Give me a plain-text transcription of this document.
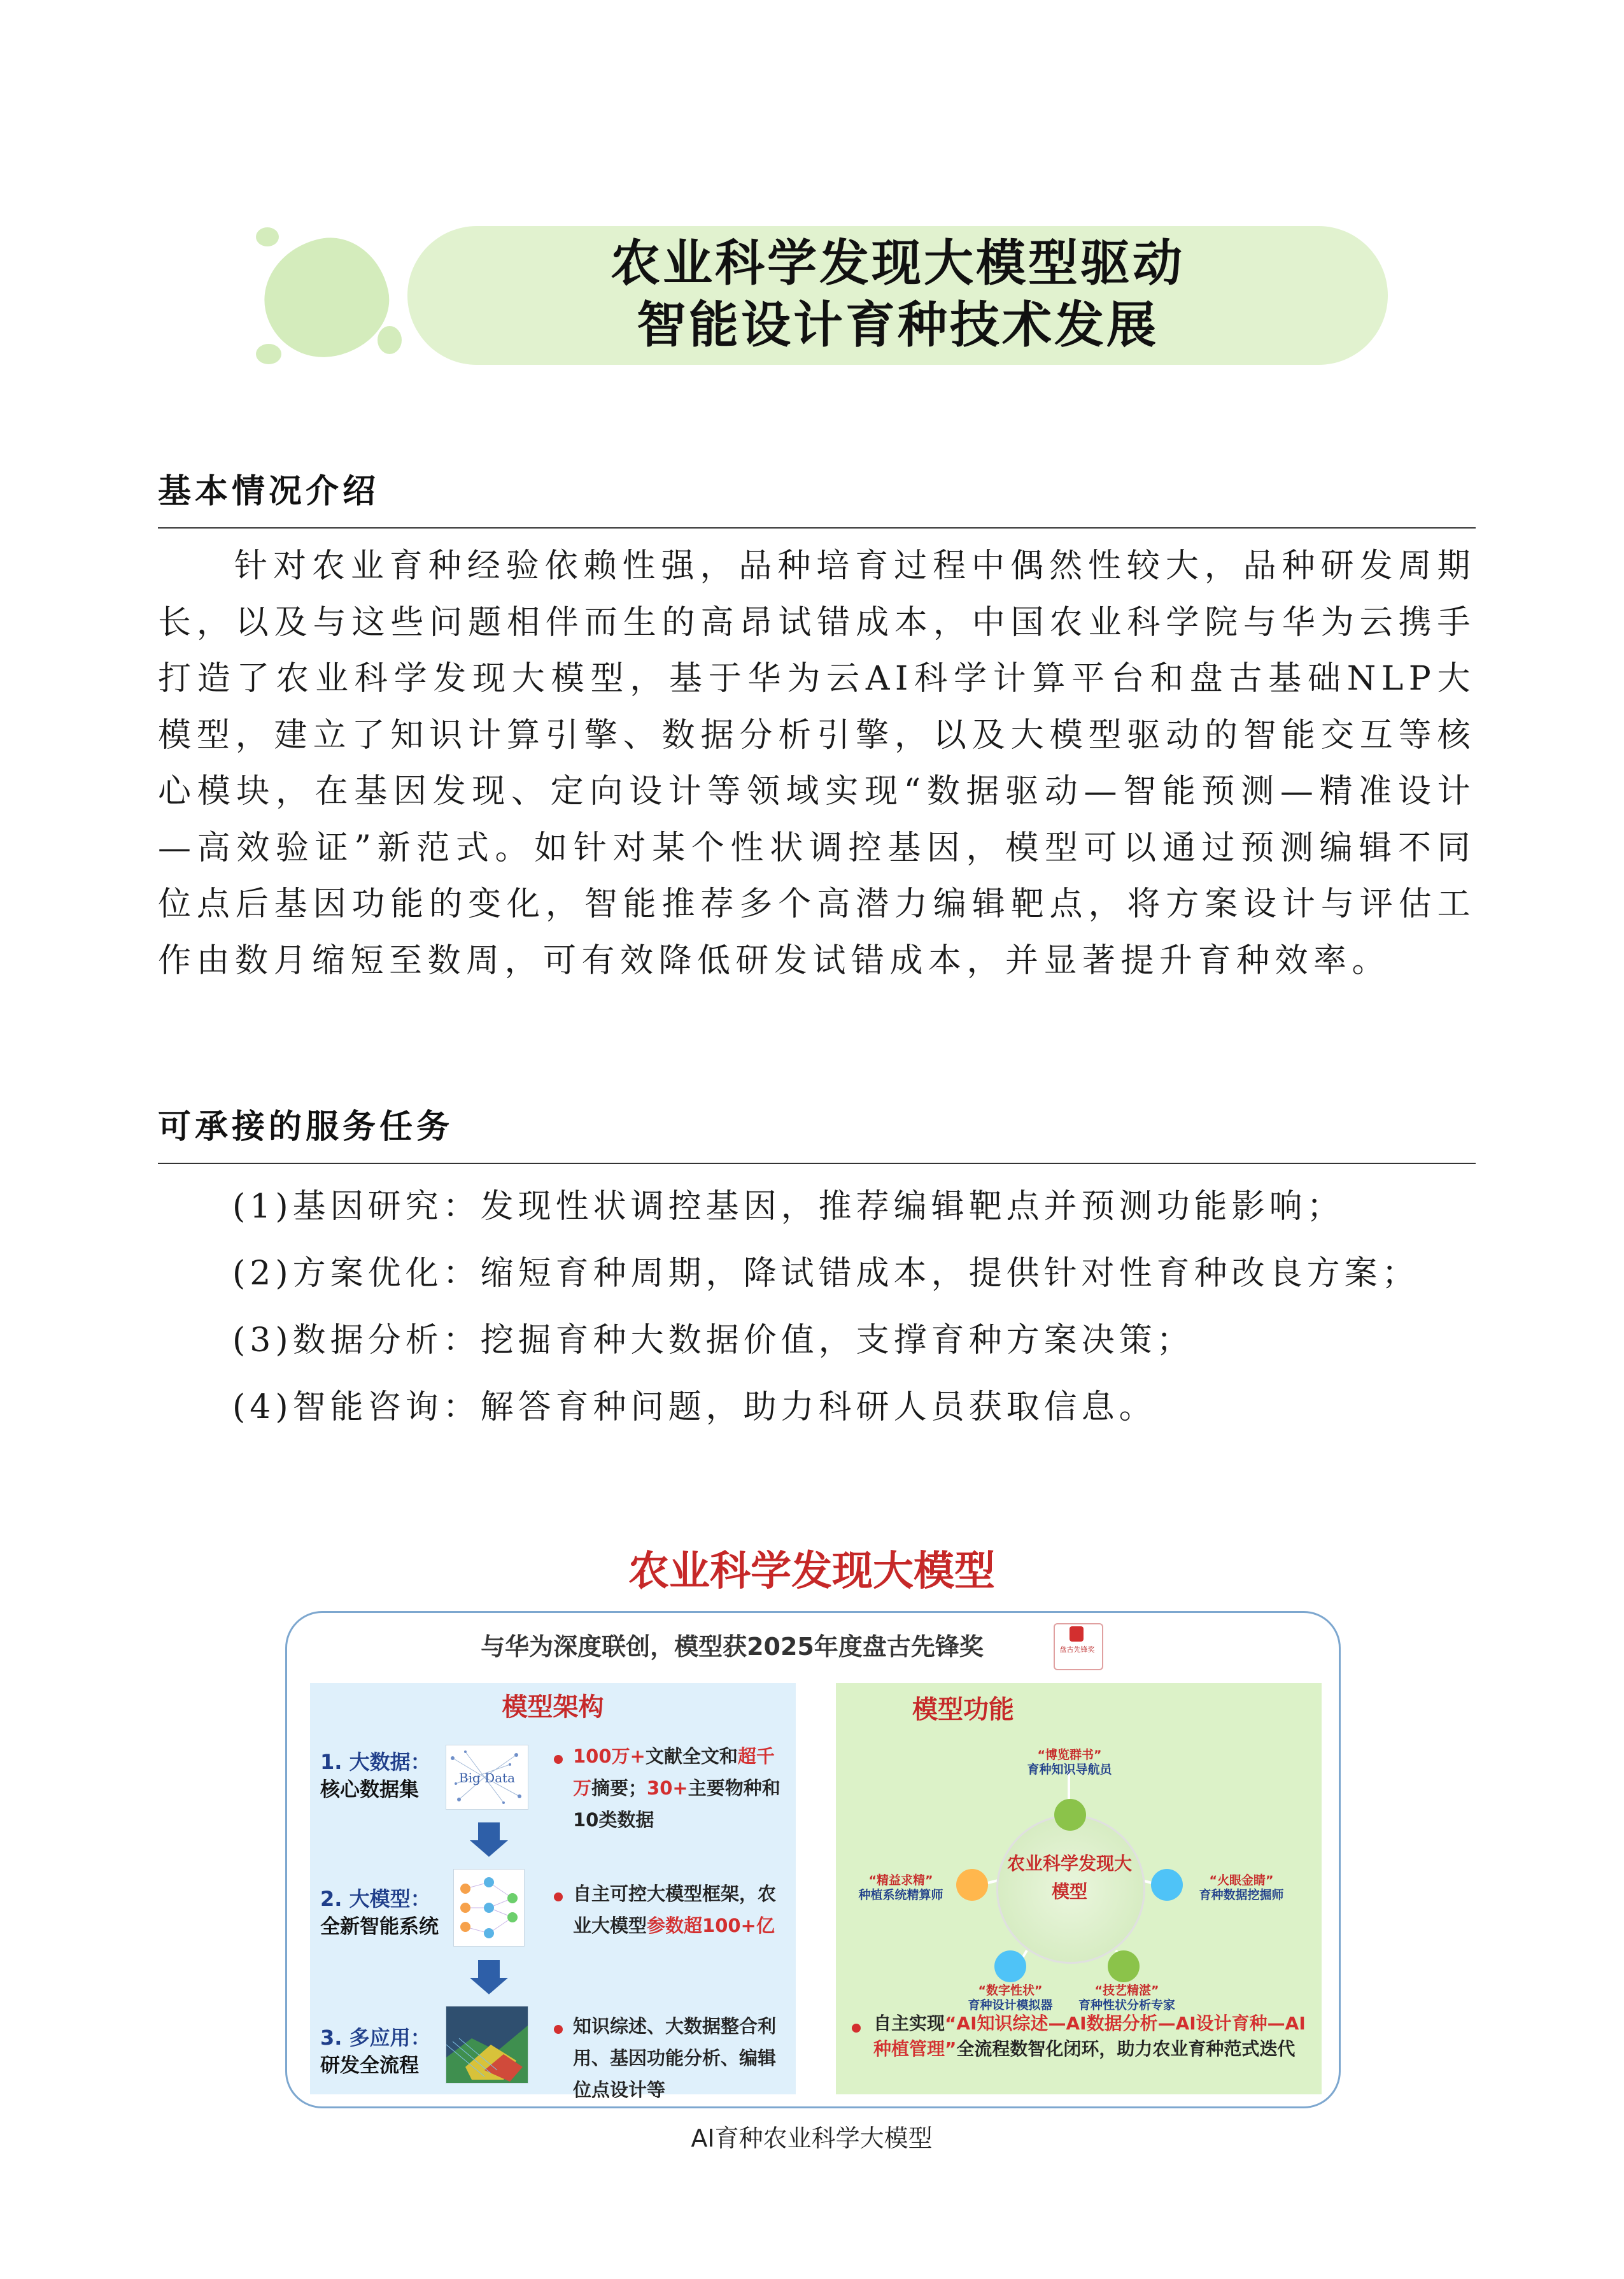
农业科学发现大模型驱动
智能设计育种技术发展
基本情况介绍

针对农业育种经验依赖性强，品种培育过程中偶然性较大，品种研发周期长，以及与这些问题相伴而生的高昂试错成本，中国农业科学院与华为云携手打造了农业科学发现大模型，基于华为云AI科学计算平台和盘古基础NLP大模型，建立了知识计算引擎、数据分析引擎，以及大模型驱动的智能交互等核心模块，在基因发现、定向设计等领域实现“数据驱动—智能预测—精准设计—高效验证”新范式。如针对某个性状调控基因，模型可以通过预测编辑不同位点后基因功能的变化，智能推荐多个高潜力编辑靶点，将方案设计与评估工作由数月缩短至数周，可有效降低研发试错成本，并显著提升育种效率。

可承接的服务任务
(1)基因研究：发现性状调控基因，推荐编辑靶点并预测功能影响；
(2)方案优化：缩短育种周期，降试错成本，提供针对性育种改良方案；
(3)数据分析：挖掘育种大数据价值，支撑育种方案决策；
(4)智能咨询：解答育种问题，助力科研人员获取信息。
农业科学发现大模型
与华为深度联创，模型获2025年度盘古先锋奖	盘古先锋奖
模型架构
1. 大数据：
核心数据集
Big Data
100万+文献全文和超千万摘要；30+主要物种和10类数据
2. 大模型：
全新智能系统
自主可控大模型框架，农业大模型参数超100+亿
3. 多应用：
研发全流程
知识综述、大数据整合利用、基因功能分析、编辑位点设计等
模型功能
农业科学发现大模型
“博览群书”
育种知识导航员
“火眼金睛”
育种数据挖掘师
“技艺精湛”
育种性状分析专家
“数字性状”
育种设计模拟器
“精益求精”
种植系统精算师
自主实现“AI知识综述—AI数据分析—AI设计育种—AI种植管理”全流程数智化闭环，助力农业育种范式迭代
AI育种农业科学大模型
